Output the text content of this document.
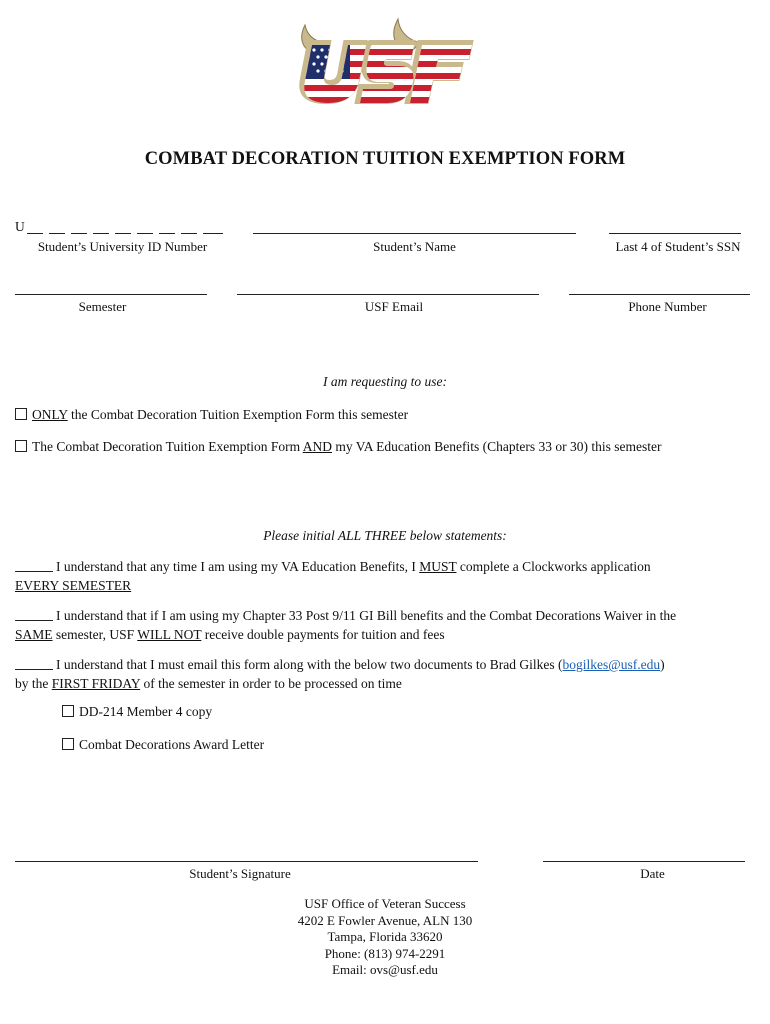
COMBAT DECORATION TUITION EXEMPTION FORM
U
Student’s University ID Number	Student’s Name	Last 4 of Student’s SSN
Semester	USF Email	Phone Number
I am requesting to use:
ONLY the Combat Decoration Tuition Exemption Form this semester
The Combat Decoration Tuition Exemption Form AND my VA Education Benefits (Chapters 33 or 30) this semester
Please initial ALL THREE below statements:
I understand that any time I am using my VA Education Benefits, I MUST complete a Clockworks application
EVERY SEMESTER
I understand that if I am using my Chapter 33 Post 9/11 GI Bill benefits and the Combat Decorations Waiver in the
SAME semester, USF WILL NOT receive double payments for tuition and fees
I understand that I must email this form along with the below two documents to Brad Gilkes (bogilkes@usf.edu)
by the FIRST FRIDAY of the semester in order to be processed on time
DD-214 Member 4 copy
Combat Decorations Award Letter
Student’s Signature	Date
USF Office of Veteran Success
4202 E Fowler Avenue, ALN 130
Tampa, Florida 33620
Phone: (813) 974-2291
Email: ovs@usf.edu
